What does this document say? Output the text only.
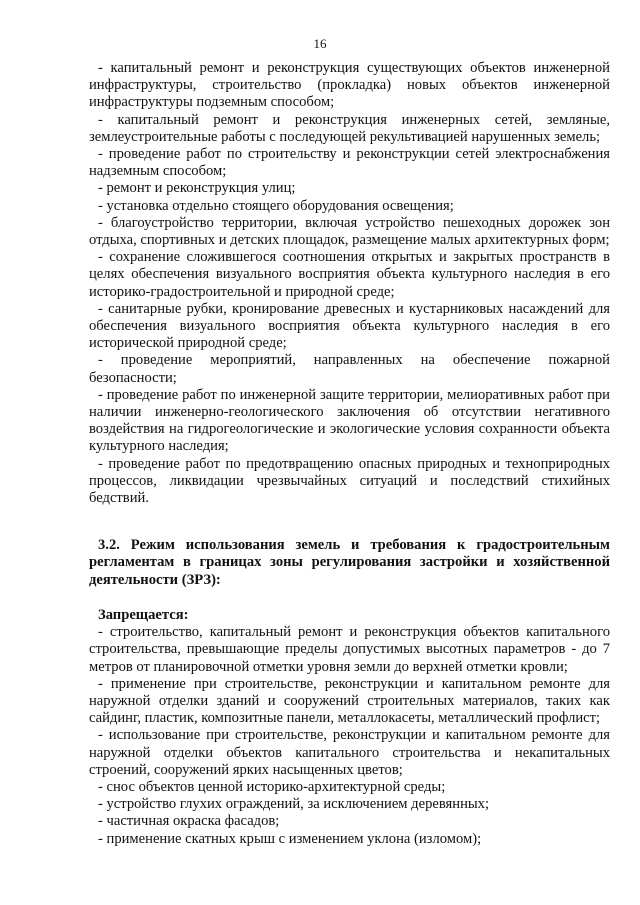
16

- капитальный ремонт и реконструкция существующих объектов инженерной инфраструктуры, строительство (прокладка) новых объектов инженерной инфраструктуры подземным способом;

- капитальный ремонт и реконструкция инженерных сетей, земляные, землеустроительные работы с последующей рекультивацией нарушенных земель;

- проведение работ по строительству и реконструкции сетей электроснабжения надземным способом;

- ремонт и реконструкция улиц;

- установка отдельно стоящего оборудования освещения;

- благоустройство территории, включая устройство пешеходных дорожек зон отдыха, спортивных и детских площадок, размещение малых архитектурных форм;

- сохранение сложившегося соотношения открытых и закрытых пространств в целях обеспечения визуального восприятия объекта культурного наследия в его историко-градостроительной и природной среде;

- санитарные рубки, кронирование древесных и кустарниковых насаждений для обеспечения визуального восприятия объекта культурного наследия в его исторической природной среде;

- проведение мероприятий, направленных на обеспечение пожарной безопасности;

- проведение работ по инженерной защите территории, мелиоративных работ при наличии инженерно-геологического заключения об отсутствии негативного воздействия на гидрогеологические и экологические условия сохранности объекта культурного наследия;

- проведение работ по предотвращению опасных природных и техноприродных процессов, ликвидации чрезвычайных ситуаций и последствий стихийных бедствий.

3.2. Режим использования земель и требования к градостроительным регламентам в границах зоны регулирования застройки и хозяйственной деятельности (ЗРЗ):

Запрещается:

- строительство, капитальный ремонт и реконструкция объектов капитального строительства, превышающие пределы допустимых высотных параметров - до 7 метров от планировочной отметки уровня земли до верхней отметки кровли;

- применение при строительстве, реконструкции и капитальном ремонте для наружной отделки зданий и сооружений строительных материалов, таких как сайдинг, пластик, композитные панели, металлокасеты, металлический профлист;

- использование при строительстве, реконструкции и капитальном ремонте для наружной отделки объектов капитального строительства и некапитальных строений, сооружений ярких насыщенных цветов;

- снос объектов ценной историко-архитектурной среды;

- устройство глухих ограждений, за исключением деревянных;

- частичная окраска фасадов;

- применение скатных крыш с изменением уклона (изломом);
